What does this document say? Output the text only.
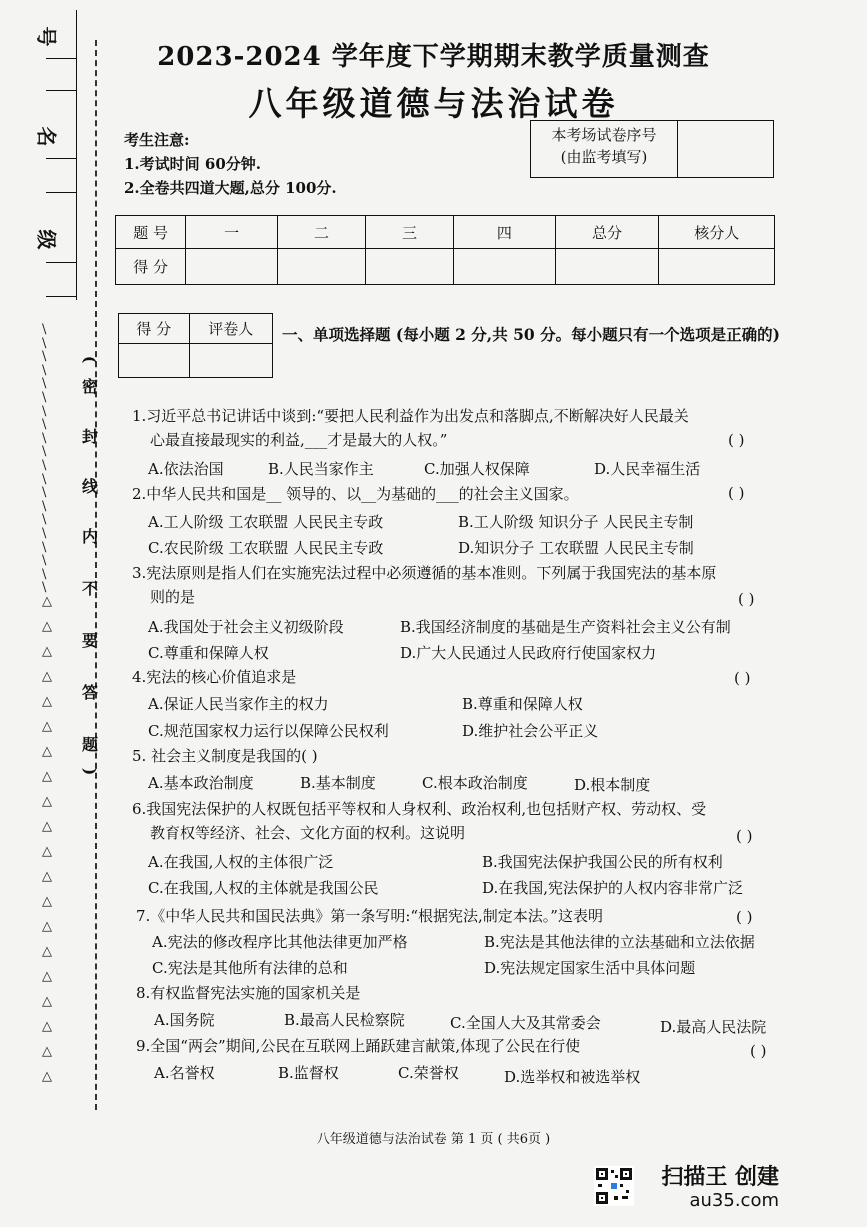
2023-2024 学年度下学期期末教学质量测查
八年级道德与法治试卷
考生注意:
1.考试时间 60分钟.
2.全卷共四道大题,总分 100分.
本考场试卷序号
(由监考填写)
题 号	一	二	三	四	总分	核分人
得 分						
得 分	评卷人
	一、单项选择题 (每小题 2 分,共 50 分。每小题只有一个选项是正确的)
1.习近平总书记讲话中谈到:“要把人民利益作为出发点和落脚点,不断解决好人民最关
心最直接最现实的利益,___才是最大的人权。”
A.依法治国	B.人民当家作主	C.加强人权保障	D.人民幸福生活
( )
2.中华人民共和国是__ 领导的、以__为基础的___的社会主义国家。
A.工人阶级 工农联盟 人民民主专政	B.工人阶级 知识分子 人民民主专制
C.农民阶级 工农联盟 人民民主专政	D.知识分子 工农联盟 人民民主专制
( )
3.宪法原则是指人们在实施宪法过程中必须遵循的基本准则。下列属于我国宪法的基本原
则的是
A.我国处于社会主义初级阶段	B.我国经济制度的基础是生产资料社会主义公有制
C.尊重和保障人权	D.广大人民通过人民政府行使国家权力
( )
4.宪法的核心价值追求是
A.保证人民当家作主的权力	B.尊重和保障人权
C.规范国家权力运行以保障公民权利	D.维护社会公平正义
( )
5. 社会主义制度是我国的( )
A.基本政治制度	B.基本制度	C.根本政治制度	D.根本制度
6.我国宪法保护的人权既包括平等权和人身权利、政治权利,也包括财产权、劳动权、受
教育权等经济、社会、文化方面的权利。这说明
A.在我国,人权的主体很广泛	B.我国宪法保护我国公民的所有权利
C.在我国,人权的主体就是我国公民	D.在我国,宪法保护的人权内容非常广泛
( )
7.《中华人民共和国民法典》第一条写明:“根据宪法,制定本法。”这表明
A.宪法的修改程序比其他法律更加严格	B.宪法是其他法律的立法基础和立法依据
C.宪法是其他所有法律的总和	D.宪法规定国家生活中具体问题
( )
8.有权监督宪法实施的国家机关是
A.国务院	B.最高人民检察院	C.全国人大及其常委会	D.最高人民法院
9.全国“两会”期间,公民在互联网上踊跃建言献策,体现了公民在行使
A.名誉权	B.监督权	C.荣誉权	D.选举权和被选举权
( )
(
密
封
线
内
不
要
答
题
)
\
\
\
\
\
\
\
\
\
\
\
\
\
\
\
\
\
\
\
\
△
△
△
△
△
△
△
△
△
△
△
△
△
△
△
△
△
△
△
△
号
名
级
八年级道德与法治试卷 第 1 页 ( 共6页 )
扫描王 创建
au35.com
